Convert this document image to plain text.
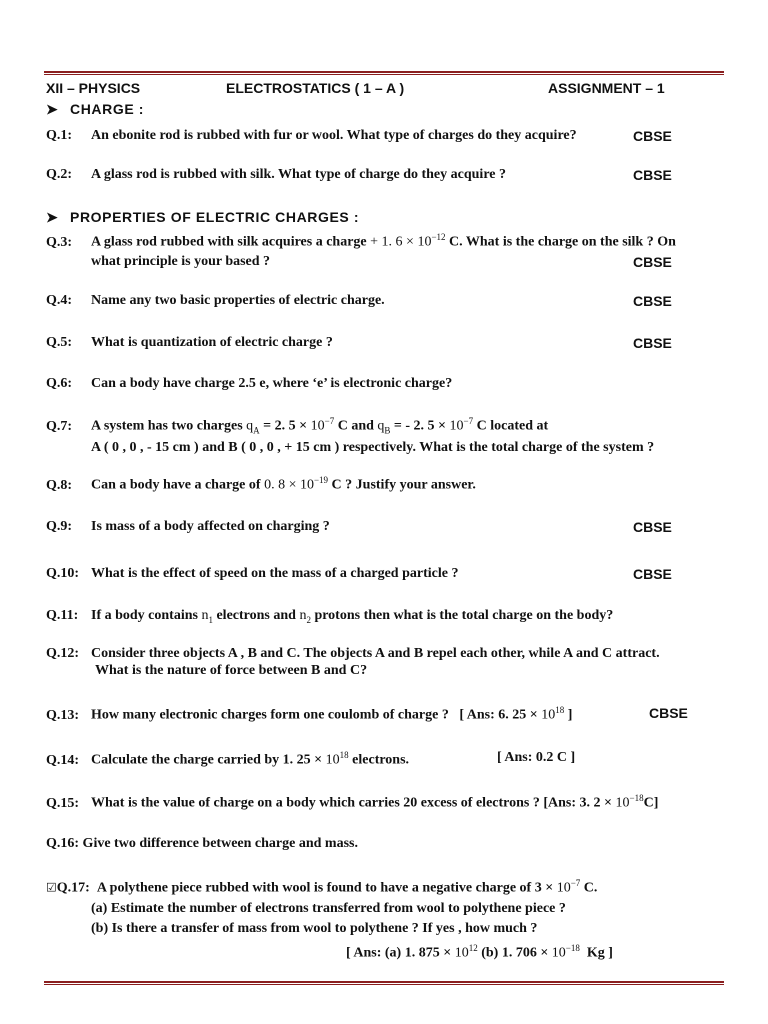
XII – PHYSICS	ELECTROSTATICS ( 1 – A )	ASSIGNMENT – 1
➤ CHARGE :
Q.1: An ebonite rod is rubbed with fur or wool. What type of charges do they acquire?	CBSE
Q.2: A glass rod is rubbed with silk. What type of charge do they acquire ?	CBSE
➤ PROPERTIES OF ELECTRIC CHARGES :
Q.3: A glass rod rubbed with silk acquires a charge + 1. $6 \times 10^{-12}$ C. What is the charge on the silk ? On
what principle is your based ?	CBSE
Q.4: Name any two basic properties of electric charge.	CBSE
Q.5: What is quantization of electric charge ?	CBSE
Q.6: Can a body have charge 2.5 e, where ‘e’ is electronic charge?
Q.7: A system has two charges $q_A = 2$. $5 \times 10^{-7}$ C and $q_B$ = - 2. $5 \times 10^{-7}$ C located at
A ( 0 , 0 , - 15 cm ) and B ( 0 , 0 , + 15 cm ) respectively. What is the total charge of the system ?
Q.8: Can a body have a charge of 0. $8 \times 10^{-19}$ C ? Justify your answer.
Q.9: Is mass of a body affected on charging ?	CBSE
Q.10: What is the effect of speed on the mass of a charged particle ?	CBSE
Q.11: If a body contains $n_1$ electrons and $n_2$ protons then what is the total charge on the body?
Q.12: Consider three objects A , B and C. The objects A and B repel each other, while A and C attract.
What is the nature of force between B and C?
Q.13: How many electronic charges form one coulomb of charge ? [ Ans: 6. $25 \times 10^{18}$ ]	CBSE
Q.14: Calculate the charge carried by 1. $25 \times 10^{18}$ electrons.	[ Ans: 0.2 C ]
Q.15: What is the value of charge on a body which carries 20 excess of electrons ? [Ans: 3. $2 \times 10^{-18}C$]
Q.16: Give two difference between charge and mass.
☑Q.17: A polythene piece rubbed with wool is found to have a negative charge of $3 \times 10^{-7}$ C.
(a) Estimate the number of electrons transferred from wool to polythene piece ?
(b) Is there a transfer of mass from wool to polythene ? If yes , how much ?
[ Ans: (a) 1. $875 \times 10^{12}$ (b) 1. $706 \times 10^{-18}$ Kg ]
